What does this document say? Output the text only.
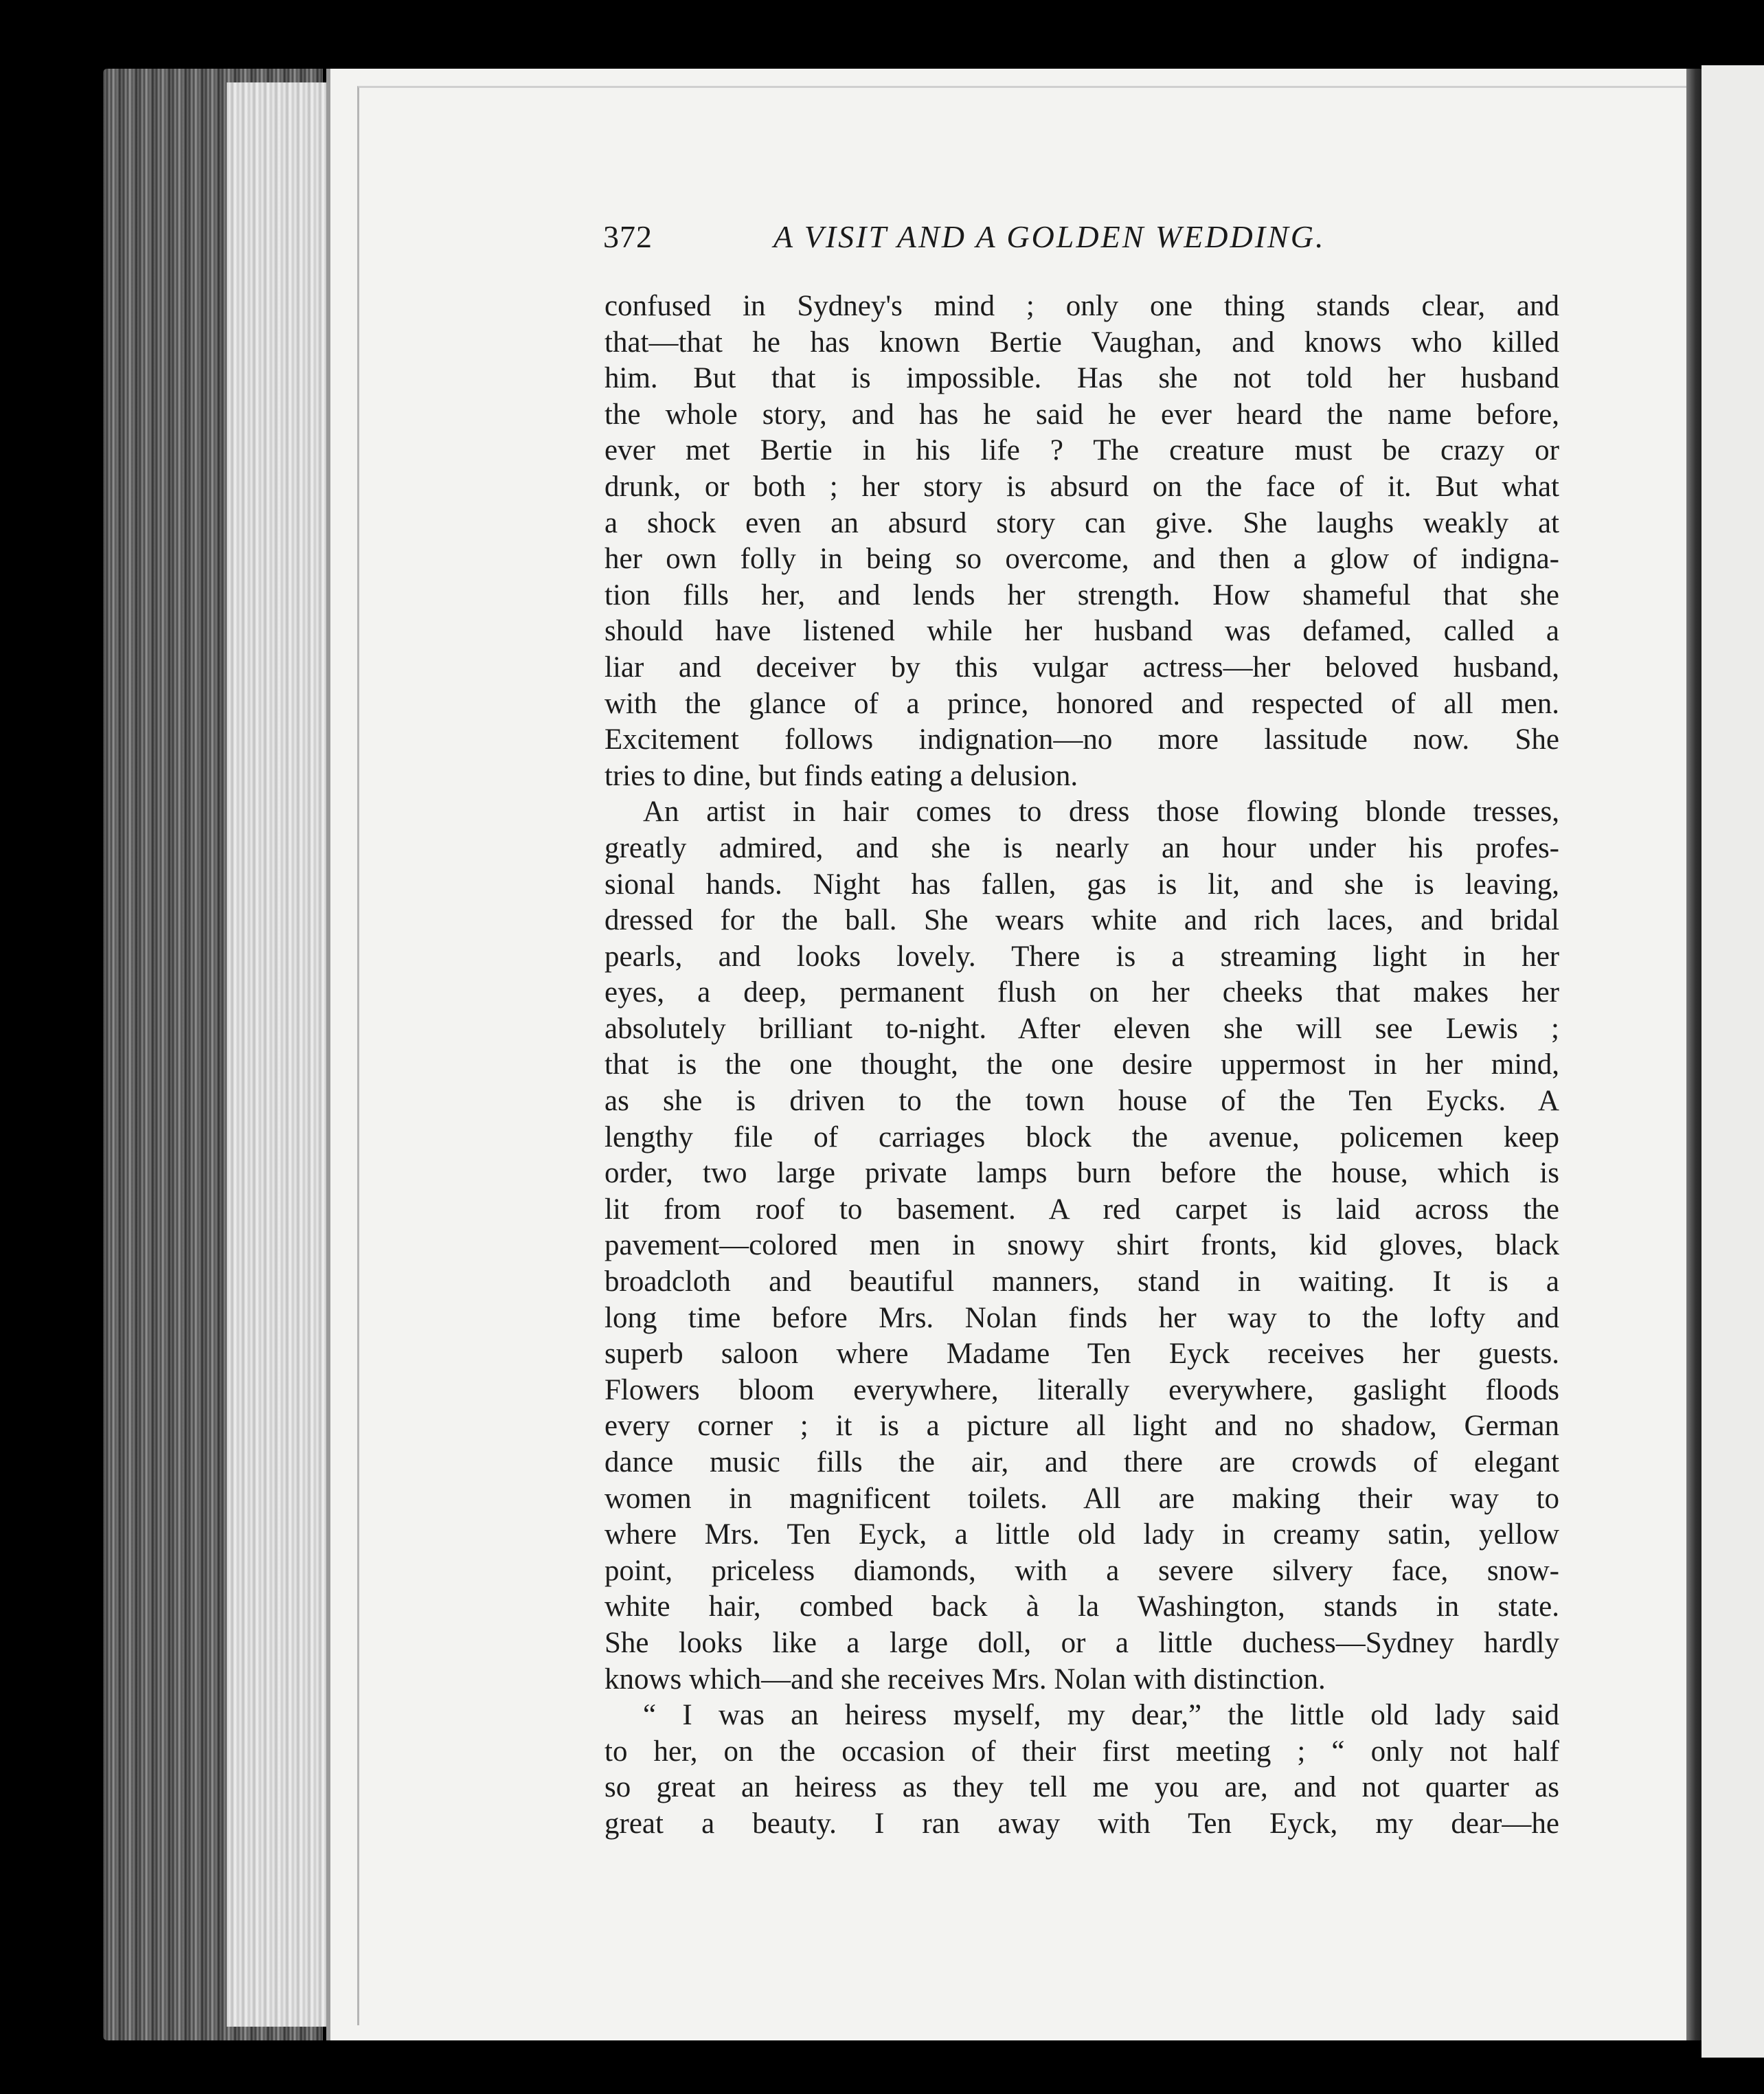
372	A VISIT AND A GOLDEN WEDDING.
confused in Sydney's mind ; only one thing stands clear, and
that—that he has known Bertie Vaughan, and knows who killed
him. But that is impossible. Has she not told her husband
the whole story, and has he said he ever heard the name before,
ever met Bertie in his life ? The creature must be crazy or
drunk, or both ; her story is absurd on the face of it. But what
a shock even an absurd story can give. She laughs weakly at
her own folly in being so overcome, and then a glow of indigna-
tion fills her, and lends her strength. How shameful that she
should have listened while her husband was defamed, called a
liar and deceiver by this vulgar actress—her beloved husband,
with the glance of a prince, honored and respected of all men.
Excitement follows indignation—no more lassitude now. She
tries to dine, but finds eating a delusion.
An artist in hair comes to dress those flowing blonde tresses,
greatly admired, and she is nearly an hour under his profes-
sional hands. Night has fallen, gas is lit, and she is leaving,
dressed for the ball. She wears white and rich laces, and bridal
pearls, and looks lovely. There is a streaming light in her
eyes, a deep, permanent flush on her cheeks that makes her
absolutely brilliant to-night. After eleven she will see Lewis ;
that is the one thought, the one desire uppermost in her mind,
as she is driven to the town house of the Ten Eycks. A
lengthy file of carriages block the avenue, policemen keep
order, two large private lamps burn before the house, which is
lit from roof to basement. A red carpet is laid across the
pavement—colored men in snowy shirt fronts, kid gloves, black
broadcloth and beautiful manners, stand in waiting. It is a
long time before Mrs. Nolan finds her way to the lofty and
superb saloon where Madame Ten Eyck receives her guests.
Flowers bloom everywhere, literally everywhere, gaslight floods
every corner ; it is a picture all light and no shadow, German
dance music fills the air, and there are crowds of elegant
women in magnificent toilets. All are making their way to
where Mrs. Ten Eyck, a little old lady in creamy satin, yellow
point, priceless diamonds, with a severe silvery face, snow-
white hair, combed back à la Washington, stands in state.
She looks like a large doll, or a little duchess—Sydney hardly
knows which—and she receives Mrs. Nolan with distinction.
“ I was an heiress myself, my dear,” the little old lady said
to her, on the occasion of their first meeting ; “ only not half
so great an heiress as they tell me you are, and not quarter as
great a beauty. I ran away with Ten Eyck, my dear—he
